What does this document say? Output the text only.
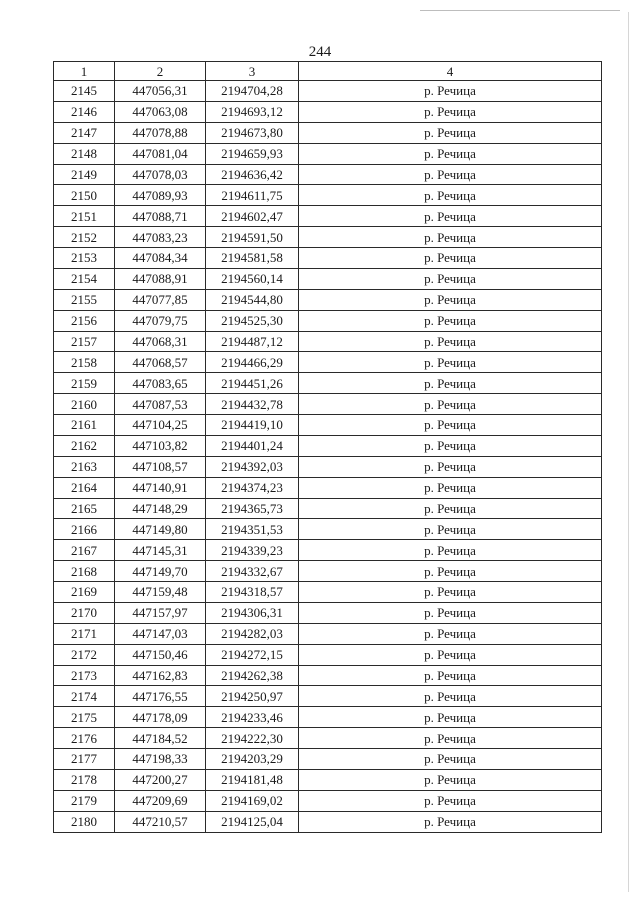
244
1	2	3	4
2145	447056,31	2194704,28	р. Речица
2146	447063,08	2194693,12	р. Речица
2147	447078,88	2194673,80	р. Речица
2148	447081,04	2194659,93	р. Речица
2149	447078,03	2194636,42	р. Речица
2150	447089,93	2194611,75	р. Речица
2151	447088,71	2194602,47	р. Речица
2152	447083,23	2194591,50	р. Речица
2153	447084,34	2194581,58	р. Речица
2154	447088,91	2194560,14	р. Речица
2155	447077,85	2194544,80	р. Речица
2156	447079,75	2194525,30	р. Речица
2157	447068,31	2194487,12	р. Речица
2158	447068,57	2194466,29	р. Речица
2159	447083,65	2194451,26	р. Речица
2160	447087,53	2194432,78	р. Речица
2161	447104,25	2194419,10	р. Речица
2162	447103,82	2194401,24	р. Речица
2163	447108,57	2194392,03	р. Речица
2164	447140,91	2194374,23	р. Речица
2165	447148,29	2194365,73	р. Речица
2166	447149,80	2194351,53	р. Речица
2167	447145,31	2194339,23	р. Речица
2168	447149,70	2194332,67	р. Речица
2169	447159,48	2194318,57	р. Речица
2170	447157,97	2194306,31	р. Речица
2171	447147,03	2194282,03	р. Речица
2172	447150,46	2194272,15	р. Речица
2173	447162,83	2194262,38	р. Речица
2174	447176,55	2194250,97	р. Речица
2175	447178,09	2194233,46	р. Речица
2176	447184,52	2194222,30	р. Речица
2177	447198,33	2194203,29	р. Речица
2178	447200,27	2194181,48	р. Речица
2179	447209,69	2194169,02	р. Речица
2180	447210,57	2194125,04	р. Речица
